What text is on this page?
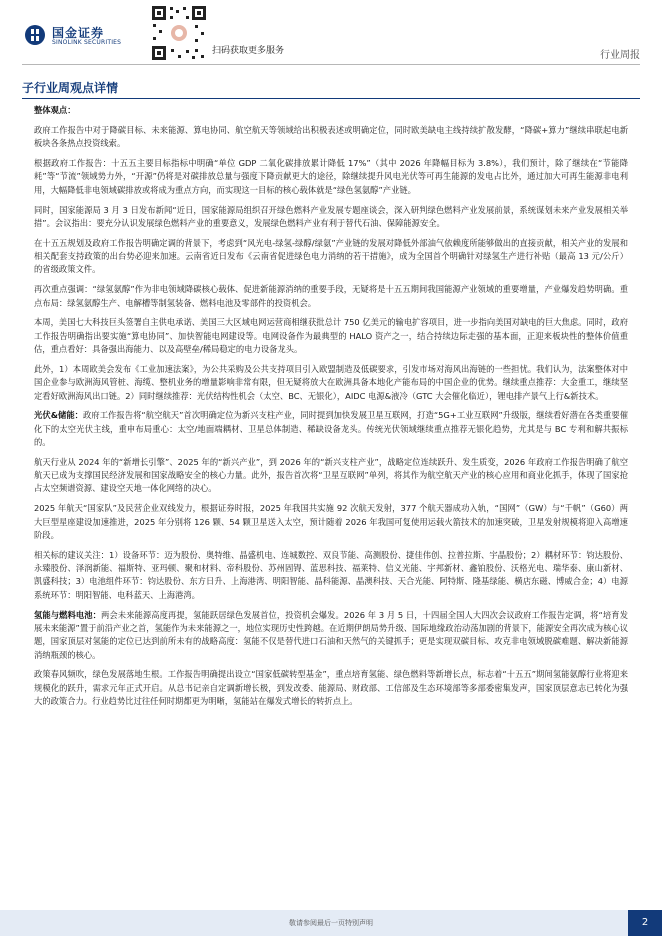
国金证券
SINOLINK SECURITIES
扫码获取更多服务	行业周报
子行业周观点详情

整体观点：

政府工作报告中对于降碳目标、未来能源、算电协同、航空航天等领域给出积极表述或明确定位，同时欧美缺电主线持续扩散发酵，“降碳+算力”继续串联起电新板块各条热点投资线索。

根据政府工作报告：十五五主要目标指标中明确“单位 GDP 二氧化碳排放累计降低 17%”（其中 2026 年降幅目标为 3.8%），我们预计，除了继续在“节能降耗”等“节流”领域势力外，“开源”仍将是对碳排放总量与强度下降贡献更大的途径，除继续提升风电光伏等可再生能源的发电占比外，通过加大可再生能源非电利用，大幅降低非电领域碳排放或将成为重点方向，而实现这一目标的核心载体就是“绿色氢氨醇”产业链。

同时，国家能源局 3 月 3 日发布新闻“近日，国家能源局组织召开绿色燃料产业发展专题座谈会，深入研判绿色燃料产业发展前景，系统谋划未来产业发展相关举措”。会议指出：要充分认识发展绿色燃料产业的重要意义，发展绿色燃料产业有利于替代石油、保障能源安全。

在十五五规划及政府工作报告明确定调的背景下，考虑到“风光电-绿氢-绿醇/绿氨”产业链的发展对降低外部油气依赖度所能够做出的直接贡献，相关产业的发展和相关配套支持政策的出台势必迎来加速。云南省近日发布《云南省促进绿色电力消纳的若干措施》，成为全国首个明确针对绿氢生产进行补贴（最高 13 元/公斤）的省级政策文件。

再次重点强调：“绿氢氨醇”作为非电领域降碳核心载体、促进新能源消纳的重要手段，无疑将是十五五期间我国能源产业领域的重要增量，产业爆发趋势明确。重点布局：绿氢氨醇生产、电解槽等制氢装备、燃料电池及零部件的投资机会。

本周，美国七大科技巨头签署自主供电承诺、美国三大区域电网运营商相继获批总计 750 亿美元的输电扩容项目，进一步指向美国对缺电的巨大焦虑。同时，政府工作报告明确指出要实施“算电协同”、加快智能电网建设等。电网设备作为最典型的 HALO 资产之一，结合持续边际走强的基本面，正迎来板块性的整体价值重估，重点看好：具备强出海能力、以及高壁垒/稀局稳定的电力设备龙头。

此外，1）本周欧美会发布《工业加速法案》，为公共采购及公共支持项目引入欧盟制造及低碳要求，引发市场对海风出海链的一些担忧。我们认为，法案整体对中国企业参与欧洲海风管桩、海缆、整机业务的增量影响非常有限，但无疑将放大在欧洲具备本地化产能布局的中国企业的优势。继续重点推荐：大金重工，继续坚定看好欧洲海风出口链。2）同时继续推荐：光伏结构性机会（太空、BC、无银化），AIDC 电源&液冷（GTC 大会催化临近），锂电排产景气上行&新技术。

光伏&储能：政府工作报告将“航空航天”首次明确定位为新兴支柱产业，同时提到加快发展卫星互联网，打造“5G+工业互联网”升级版，继续看好潜在各类重要催化下的太空光伏主线，重申布局重心：太空/地面端耦材、卫星总体制造、稀缺设备龙头。传统光伏领域继续重点推荐无银化趋势，尤其是与 BC 专利和解共振标的。

航天行业从 2024 年的“新增长引擎”、2025 年的“新兴产业”，到 2026 年的“新兴支柱产业”，战略定位连续跃升、发生质变，2026 年政府工作报告明确了航空航天已成为支撑国民经济发展和国家战略安全的核心力量。此外，报告首次将“卫星互联网”单列，将其作为航空航天产业的核心应用和商业化抓手，体现了国家抢占太空频谱资源、建设空天地一体化网络的决心。

2025 年航天“国家队”及民营企业双线发力，根据证券时报，2025 年我国共实施 92 次航天发射，377 个航天器成功入轨，“国网”（GW）与“千帆”（G60）两大巨型星座建设加速推进，2025 年分别将 126 颗、54 颗卫星送入太空，预计随着 2026 年我国可复使用运载火箭技术的加速突破，卫星发射规模将迎入高增速阶段。

相关标的建议关注：1）设备环节：迈为股份、奥特维、晶盛机电、连城数控、双良节能、高测股份、捷佳伟创、拉普拉斯、宇晶股份；2）耦材环节：钧达股份、永臻股份、泽润新能、福斯特、亚玛顿、聚和材料、帝科股份、苏州固锝、蓝思科技、福莱特、信义光能、宇邦新材、鑫铂股份、沃格光电、瑞华泰、康山新材、凯盛科技；3）电池组件环节：钧达股份、东方日升、上海港湾、明阳智能、晶科能源、晶澳科技、天合光能、阿特斯、隆基绿能、横店东磁、博威合金；4）电源系统环节：明阳智能、电科蓝天、上海港湾。

氢能与燃料电池：两会未来能源高度再提，氢能跃居绿色发展首位，投资机会爆发。2026 年 3 月 5 日，十四届全国人大四次会议政府工作报告定调，将“培育发展未来能源”置于前沿产业之首，氢能作为未来能源之一，地位实现历史性跨越。在近期伊朗局势升级、国际地缘政治动荡加剧的背景下，能源安全再次成为核心议题，国家顶层对氢能的定位已达到前所未有的战略高度：氢能不仅是替代进口石油和天然气的关键抓手；更是实现双碳目标、攻克非电领域脱碳难题、解决新能源消纳瓶颈的核心。

政策春风频吹，绿色发展落地生根。工作报告明确提出设立“国家低碳转型基金”，重点培育氢能、绿色燃料等新增长点，标志着“十五五”期间氢能氨醇行业将迎来规模化的跃升，需求元年正式开启。从总书记亲自定调新增长极，到发改委、能源局、财政部、工信部及生态环境部等多部委密集发声，国家顶层意志已转化为强大的政策合力。行业趋势比过往任何时期都更为明晰，氢能站在爆发式增长的转折点上。

敬请参阅最后一页特别声明	2
